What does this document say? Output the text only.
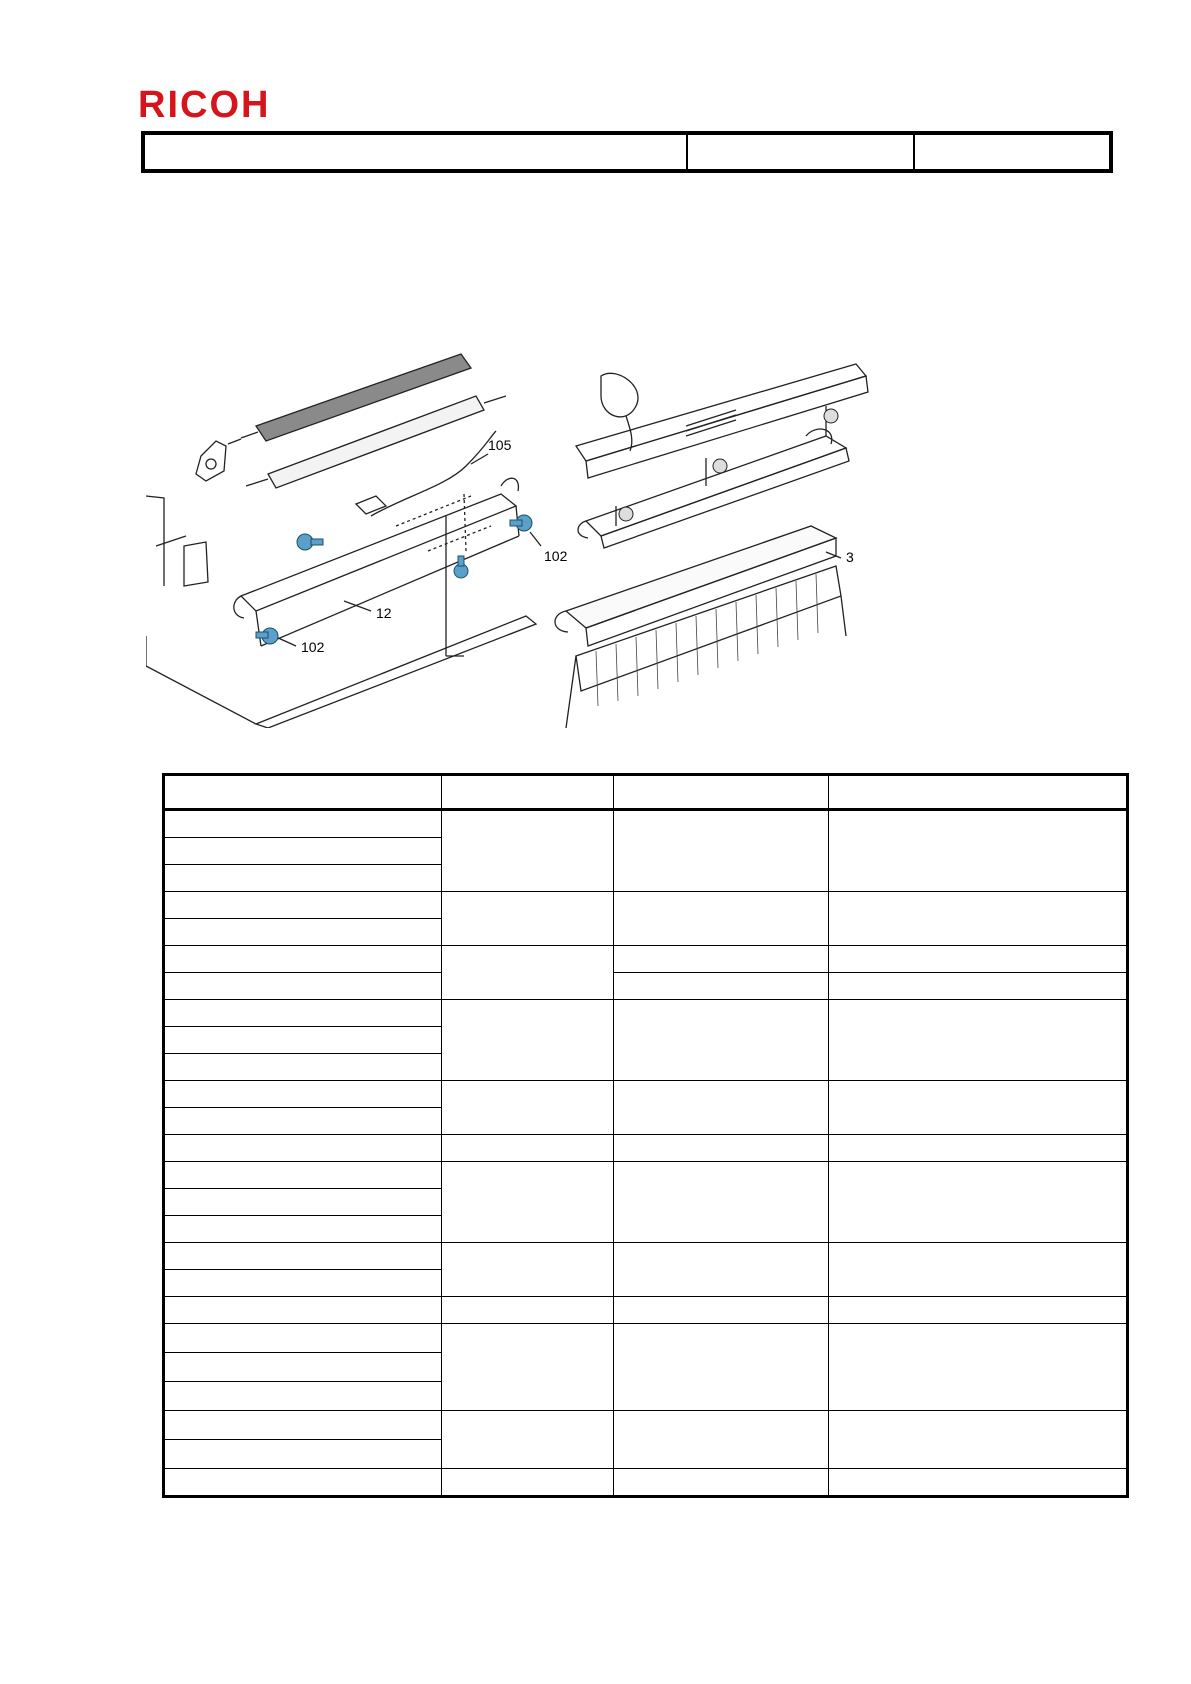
RICOH
105
102
102
12
3
